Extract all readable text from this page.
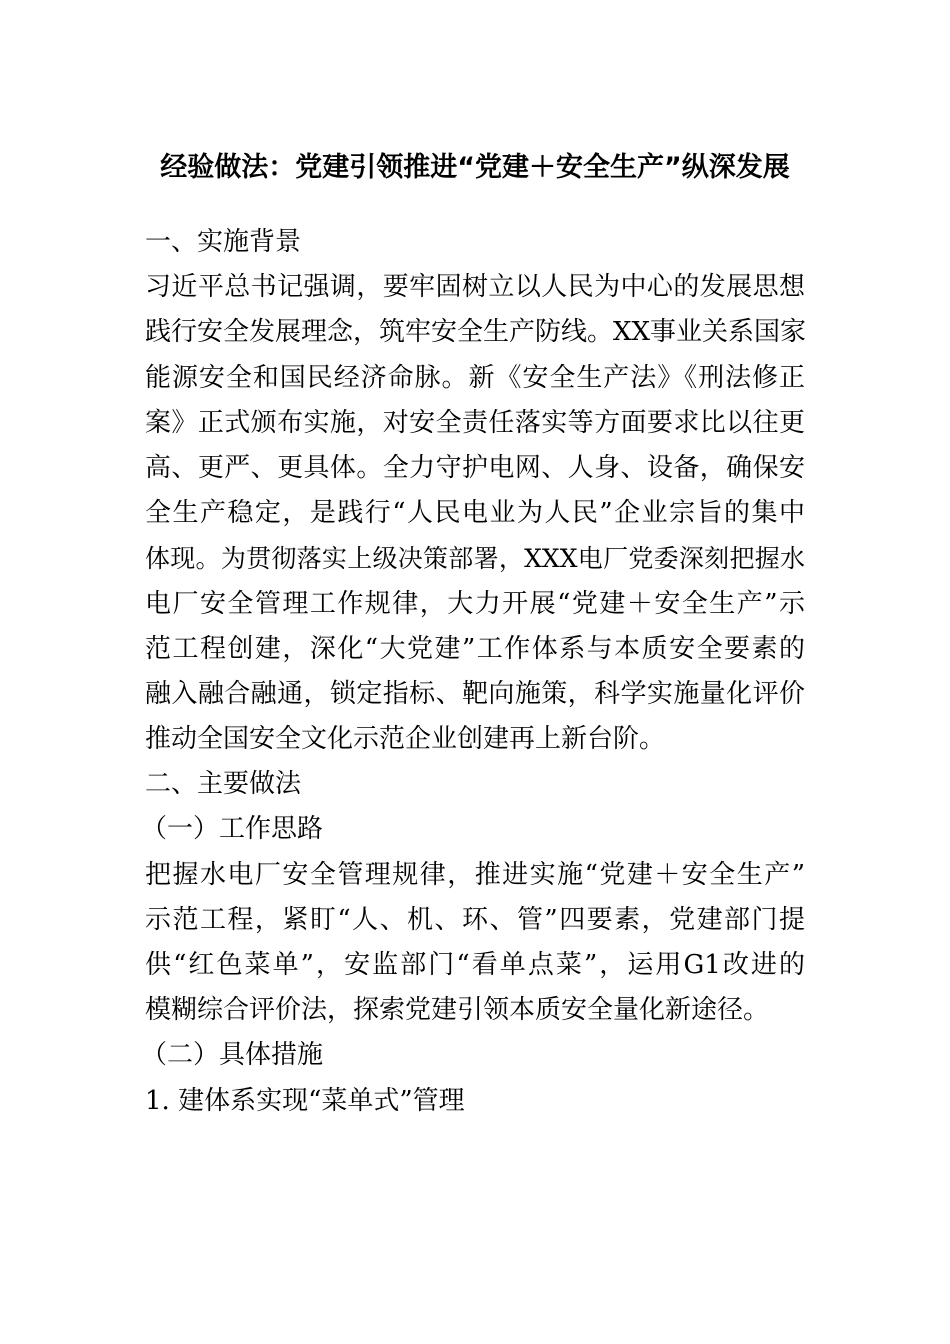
经验做法：党建引领推进“党建＋安全生产”纵深发展
一、实施背景
习近平总书记强调，要牢固树立以人民为中心的发展思想
践行安全发展理念，筑牢安全生产防线。XX事业关系国家
能源安全和国民经济命脉。新《安全生产法》《刑法修正
案》正式颁布实施，对安全责任落实等方面要求比以往更
高、更严、更具体。全力守护电网、人身、设备，确保安
全生产稳定，是践行“人民电业为人民”企业宗旨的集中
体现。为贯彻落实上级决策部署，XXX电厂党委深刻把握水
电厂安全管理工作规律，大力开展“党建＋安全生产”示
范工程创建，深化“大党建”工作体系与本质安全要素的
融入融合融通，锁定指标、靶向施策，科学实施量化评价
推动全国安全文化示范企业创建再上新台阶。
二、主要做法
（一）工作思路
把握水电厂安全管理规律，推进实施“党建＋安全生产”
示范工程，紧盯“人、机、环、管”四要素，党建部门提
供“红色菜单”，安监部门“看单点菜”，运用G1改进的
模糊综合评价法，探索党建引领本质安全量化新途径。
（二）具体措施
1. 建体系实现“菜单式”管理
